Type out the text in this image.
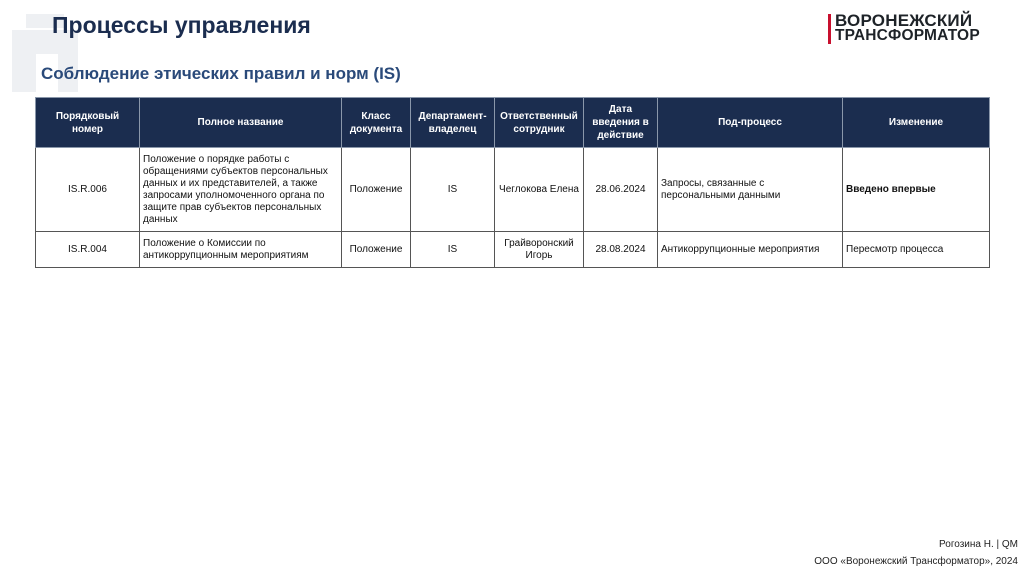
Процессы управления
Соблюдение этических правил и норм (IS)
ВОРОНЕЖСКИЙ
ТРАНСФОРМАТОР
Порядковый номер	Полное название	Класс документа	Департамент-владелец	Ответственный сотрудник	Дата введения в действие	Под-процесс	Изменение
IS.R.006	Положение о порядке работы с обращениями субъектов персональных данных и их представителей, а также запросами уполномоченного органа по защите прав субъектов персональных данных	Положение	IS	Чеглокова Елена	28.06.2024	Запросы, связанные с персональными данными	Введено впервые
IS.R.004	Положение о Комиссии по антикоррупционным мероприятиям	Положение	IS	Грайворонский Игорь	28.08.2024	Антикоррупционные мероприятия	Пересмотр процесса
Рогозина Н. | QM
ООО «Воронежский Трансформатор», 2024
